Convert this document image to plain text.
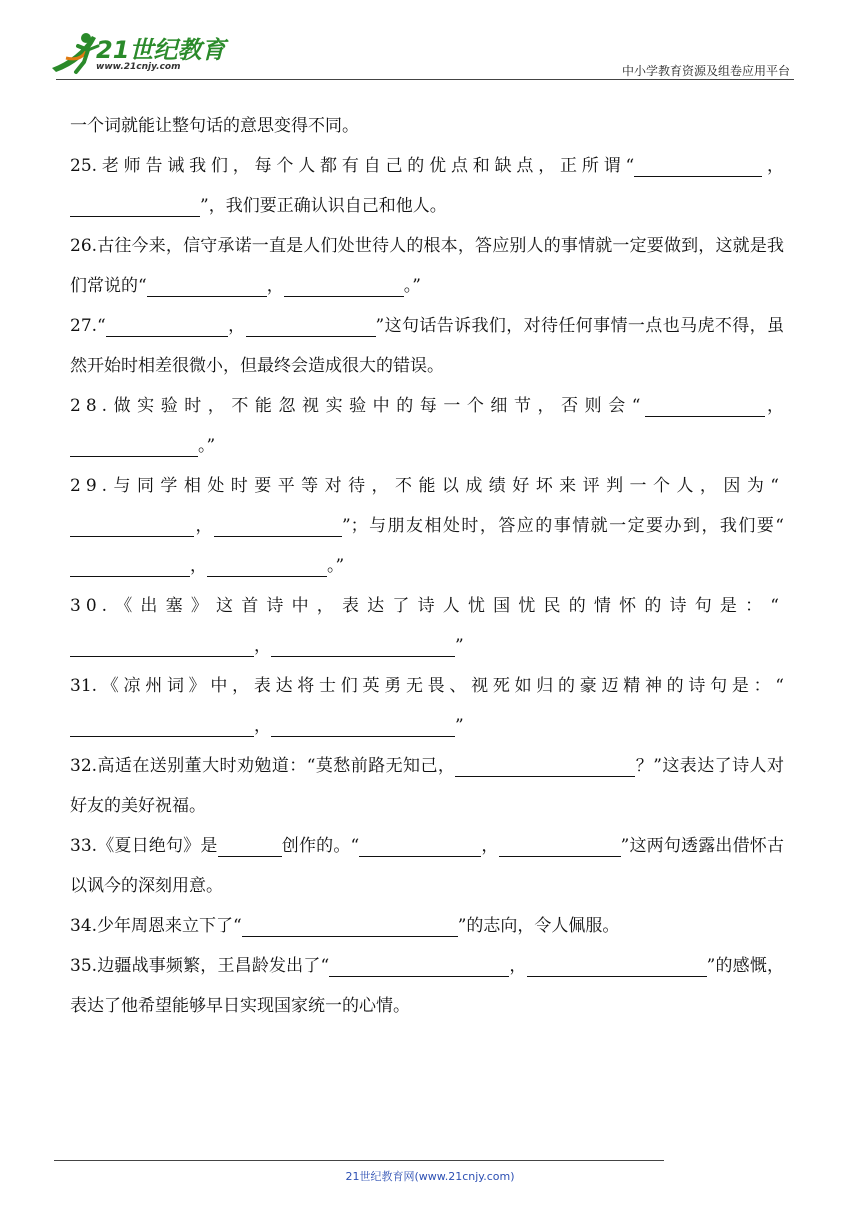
21世纪教育
www.21cnjy.com	中小学教育资源及组卷应用平台

一个词就能让整句话的意思变得不同。

25.老师告诫我们，每个人都有自己的优点和缺点，正所谓“	，”，我们要正确认识自己和他人。

26.古往今来，信守承诺一直是人们处世待人的根本，答应别人的事情就一定要做到，这就是我们常说的“	，	。”

27.“	，	”这句话告诉我们，对待任何事情一点也马虎不得，虽然开始时相差很微小，但最终会造成很大的错误。

28.做实验时，不能忽视实验中的每一个细节，否则会“	，。”

29.与同学相处时要平等对待，不能以成绩好坏来评判一个人，因为“，	”；与朋友相处时，答应的事情就一定要办到，我们要“，	。”

30.《出塞》这首诗中，表达了诗人忧国忧民的情怀的诗句是：“，	”

31.《凉州词》中，表达将士们英勇无畏、视死如归的豪迈精神的诗句是：“，	”

32.高适在送别董大时劝勉道：“莫愁前路无知己，	？”这表达了诗人对好友的美好祝福。

33.《夏日绝句》是	创作的。“	，	”这两句透露出借怀古以讽今的深刻用意。

34.少年周恩来立下了“	”的志向，令人佩服。

35.边疆战事频繁，王昌龄发出了“	，	”的感慨，表达了他希望能够早日实现国家统一的心情。

21世纪教育网(www.21cnjy.com)
